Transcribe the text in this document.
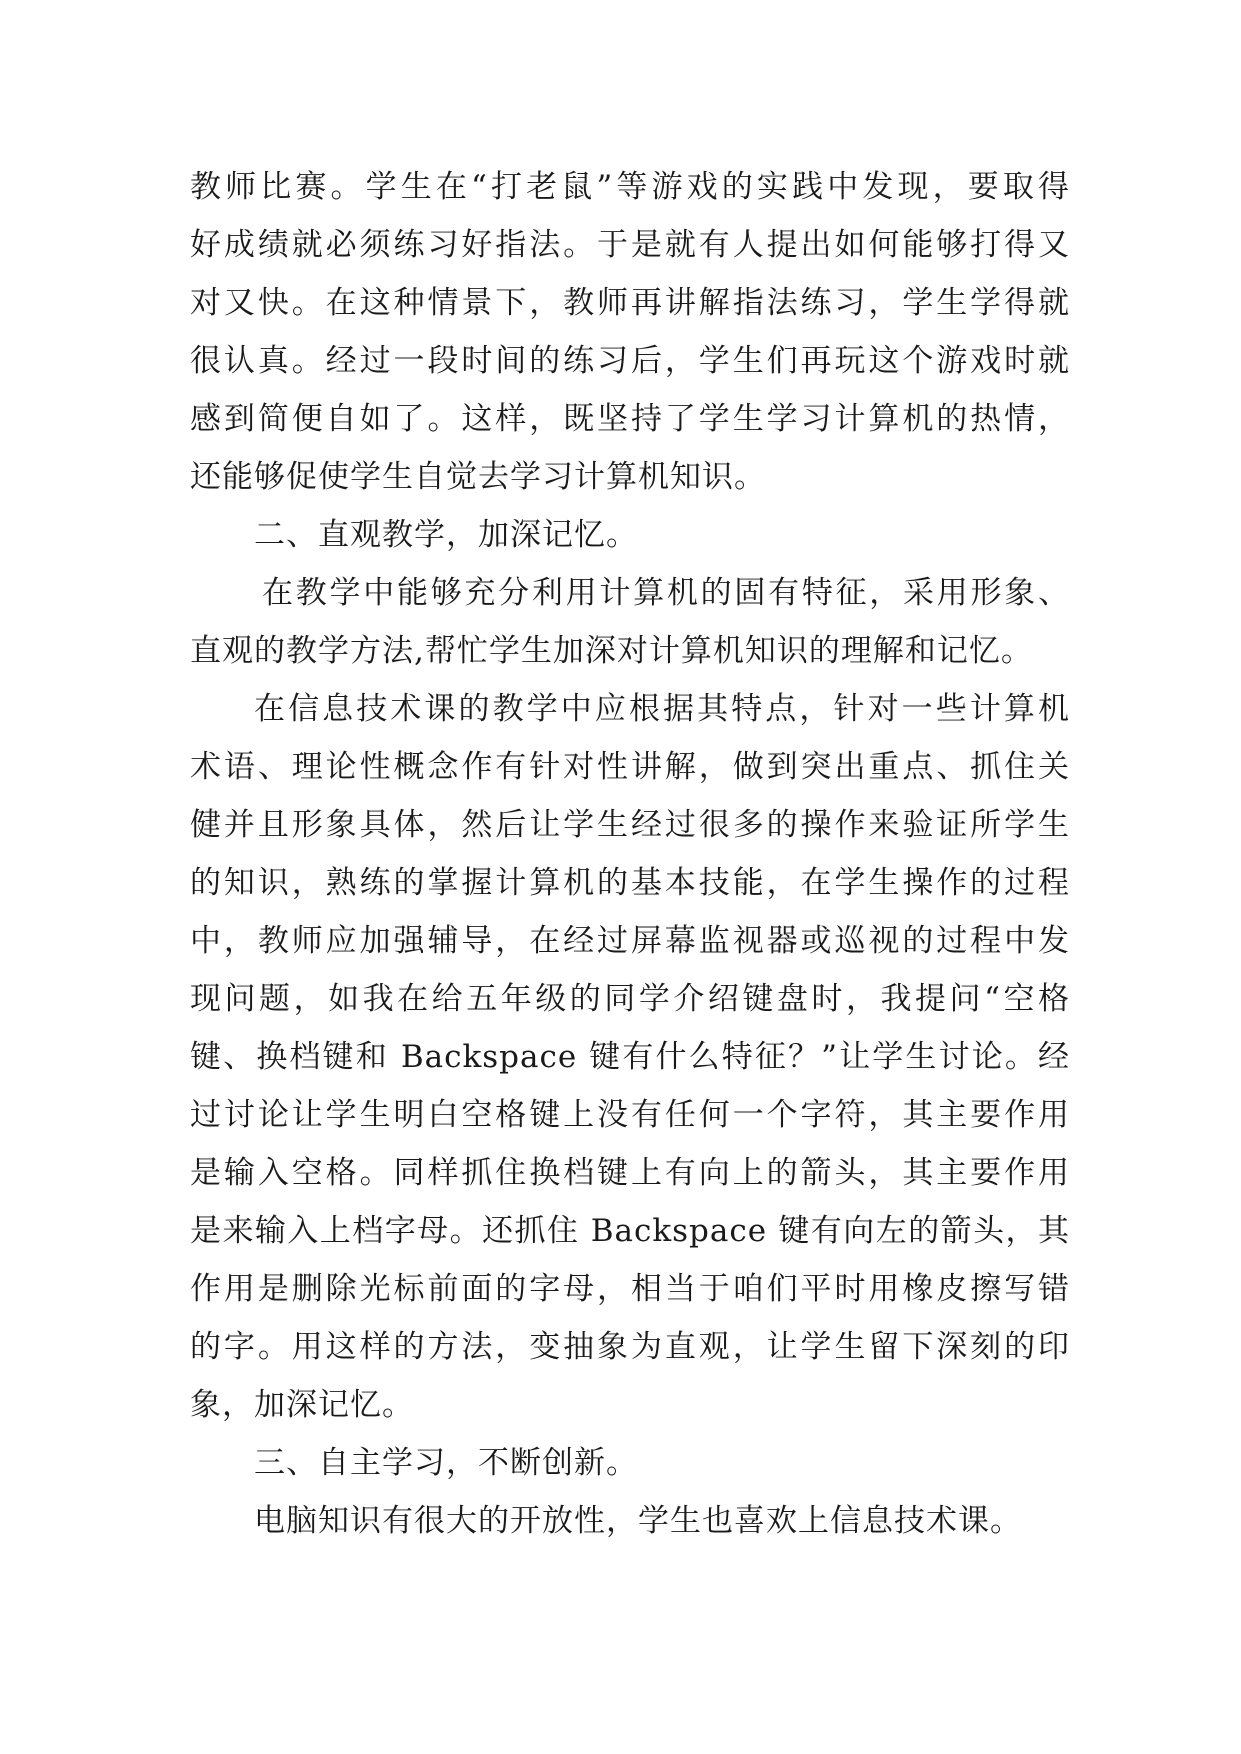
教师比赛。学生在“打老鼠”等游戏的实践中发现，要取得
好成绩就必须练习好指法。于是就有人提出如何能够打得又
对又快。在这种情景下，教师再讲解指法练习，学生学得就
很认真。经过一段时间的练习后，学生们再玩这个游戏时就
感到简便自如了。这样，既坚持了学生学习计算机的热情，
还能够促使学生自觉去学习计算机知识。
二、直观教学，加深记忆。
在教学中能够充分利用计算机的固有特征，采用形象、
直观的教学方法,帮忙学生加深对计算机知识的理解和记忆。
在信息技术课的教学中应根据其特点，针对一些计算机
术语、理论性概念作有针对性讲解，做到突出重点、抓住关
健并且形象具体，然后让学生经过很多的操作来验证所学生
的知识，熟练的掌握计算机的基本技能，在学生操作的过程
中，教师应加强辅导，在经过屏幕监视器或巡视的过程中发
现问题，如我在给五年级的同学介绍键盘时，我提问“空格
键、换档键和 Backspace 键有什么特征？”让学生讨论。经
过讨论让学生明白空格键上没有任何一个字符，其主要作用
是输入空格。同样抓住换档键上有向上的箭头，其主要作用
是来输入上档字母。还抓住 Backspace 键有向左的箭头，其
作用是删除光标前面的字母，相当于咱们平时用橡皮擦写错
的字。用这样的方法，变抽象为直观，让学生留下深刻的印
象，加深记忆。
三、自主学习，不断创新。
电脑知识有很大的开放性，学生也喜欢上信息技术课。
